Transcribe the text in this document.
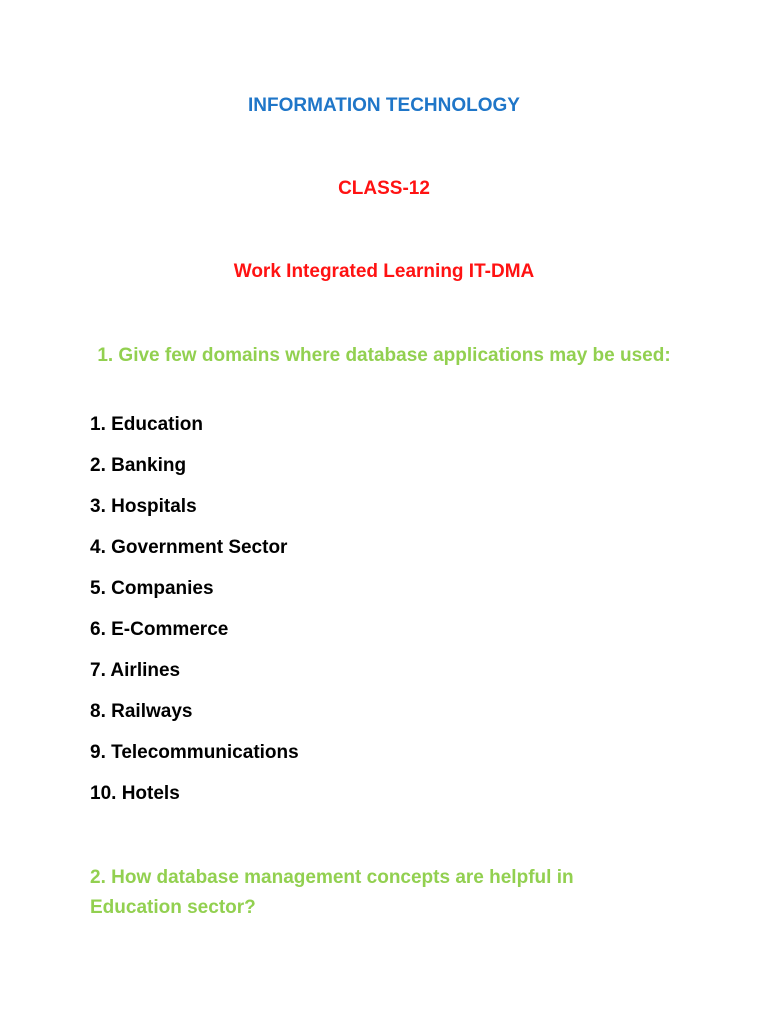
INFORMATION TECHNOLOGY
CLASS-12
Work Integrated Learning IT-DMA
1. Give few domains where database applications may be used:
1. Education
2. Banking
3. Hospitals
4. Government Sector
5. Companies
6. E-Commerce
7. Airlines
8. Railways
9. Telecommunications
10. Hotels
2. How database management concepts are helpful in Education sector?
